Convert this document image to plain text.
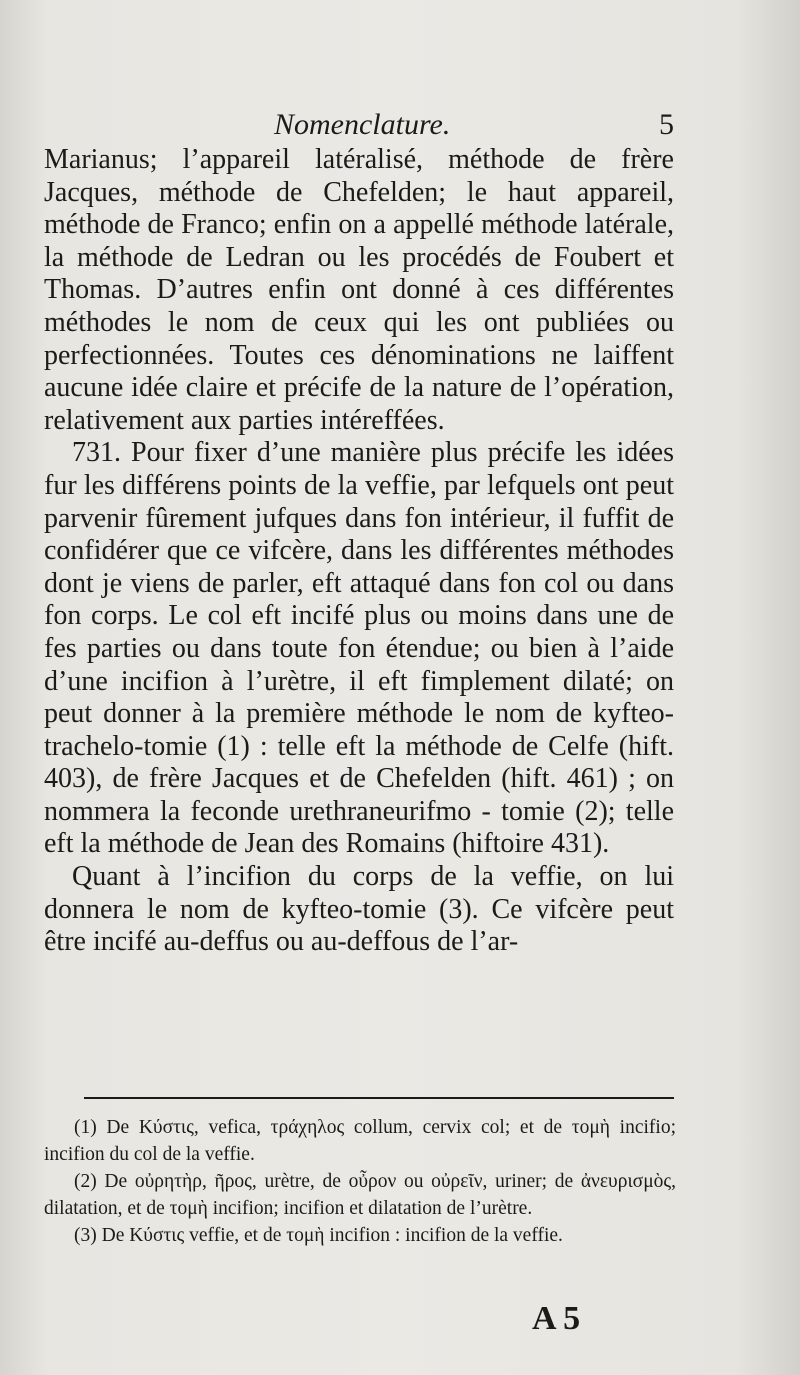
Nomenclature.	5

Marianus; l’appareil latéralisé, méthode de frère Jacques, méthode de Chefelden; le haut appareil, méthode de Franco; enfin on a appellé méthode latérale, la méthode de Ledran ou les procédés de Foubert et Thomas. D’autres enfin ont donné à ces différentes méthodes le nom de ceux qui les ont publiées ou perfectionnées. Toutes ces dénominations ne laiffent aucune idée claire et précife de la nature de l’opération, relativement aux parties intéreffées.

731. Pour fixer d’une manière plus précife les idées fur les différens points de la veffie, par lefquels ont peut parvenir fûrement jufques dans fon intérieur, il fuffit de confidérer que ce vifcère, dans les différentes méthodes dont je viens de parler, eft attaqué dans fon col ou dans fon corps. Le col eft incifé plus ou moins dans une de fes parties ou dans toute fon étendue; ou bien à l’aide d’une incifion à l’urètre, il eft fimplement dilaté; on peut donner à la première méthode le nom de kyfteo-trachelo-tomie (1) : telle eft la méthode de Celfe (hift. 403), de frère Jacques et de Chefelden (hift. 461) ; on nommera la feconde urethraneurifmo - tomie (2); telle eft la méthode de Jean des Romains (hiftoire 431).

Quant à l’incifion du corps de la veffie, on lui donnera le nom de kyfteo-tomie (3). Ce vifcère peut être incifé au-deffus ou au-deffous de l’ar-

(1) De Κύστις, vefica, τράχηλος collum, cervix col; et de τομὴ incifio; incifion du col de la veffie.

(2) De οὐρητὴρ, ῆρος, urètre, de οὖρον ou οὐρεῖν, uriner; de ἀνευρισμὸς, dilatation, et de τομὴ incifion; incifion et dilatation de l’urètre.

(3) De Κύστις veffie, et de τομὴ incifion : incifion de la veffie.

A 5
